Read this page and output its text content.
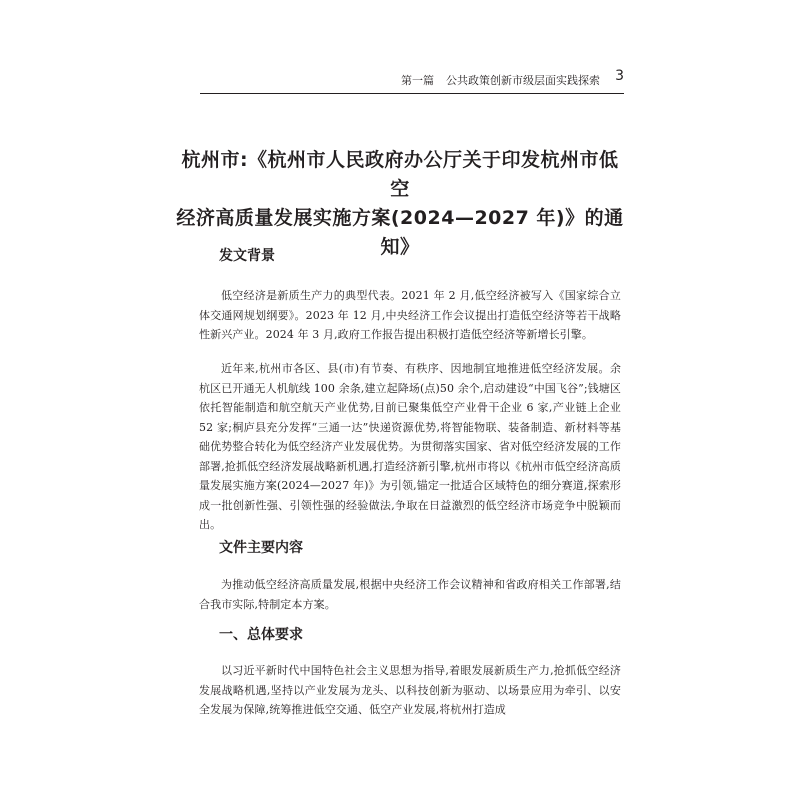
第一篇 公共政策创新市级层面实践探索	3
杭州市:《杭州市人民政府办公厅关于印发杭州市低空
经济高质量发展实施方案(2024—2027 年)》的通知》
发文背景

低空经济是新质生产力的典型代表。2021 年 2 月,低空经济被写入《国家综合立体交通网规划纲要》。2023 年 12 月,中央经济工作会议提出打造低空经济等若干战略性新兴产业。2024 年 3 月,政府工作报告提出积极打造低空经济等新增长引擎。

近年来,杭州市各区、县(市)有节奏、有秩序、因地制宜地推进低空经济发展。余杭区已开通无人机航线 100 余条,建立起降场(点)50 余个,启动建设“中国飞谷”;钱塘区依托智能制造和航空航天产业优势,目前已聚集低空产业骨干企业 6 家,产业链上企业 52 家;桐庐县充分发挥“三通一达”快递资源优势,将智能物联、装备制造、新材料等基础优势整合转化为低空经济产业发展优势。为贯彻落实国家、省对低空经济发展的工作部署,抢抓低空经济发展战略新机遇,打造经济新引擎,杭州市将以《杭州市低空经济高质量发展实施方案(2024—2027 年)》为引领,锚定一批适合区域特色的细分赛道,探索形成一批创新性强、引领性强的经验做法,争取在日益激烈的低空经济市场竞争中脱颖而出。

文件主要内容

为推动低空经济高质量发展,根据中央经济工作会议精神和省政府相关工作部署,结合我市实际,特制定本方案。

一、总体要求

以习近平新时代中国特色社会主义思想为指导,着眼发展新质生产力,抢抓低空经济发展战略机遇,坚持以产业发展为龙头、以科技创新为驱动、以场景应用为牵引、以安全发展为保障,统筹推进低空交通、低空产业发展,将杭州打造成
